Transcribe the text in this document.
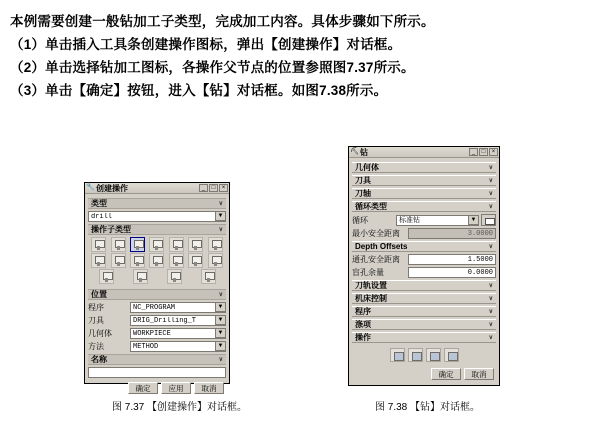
本例需要创建一般钻加工子类型，完成加工内容。具体步骤如下所示。

（1）单击插入工具条创建操作图标，弹出【创建操作】对话框。

（2）单击选择钻加工图标，各操作父节点的位置参照图7.37所示。

（3）单击【确定】按钮，进入【钻】对话框。如图7.38所示。

🔧 创建操作	_	□	×
类型	∨
drill	▼
操作子类型	∨
位置	∨
程序	NC_PROGRAM	▼
刀具	DRIG_Drilling_T	▼
几何体	WORKPIECE	▼
方法	METHOD	▼
名称	∨
确定	应用	取消
⛏ 钻	_	□	×
几何体	∨
刀具	∨
刀轴	∨
循环类型	∨
循环	标准钻	▼
最小安全距离	3.0000
Depth Offsets	∨
通孔安全距离	1.5000
盲孔余量	0.0000
刀轨设置	∨
机床控制	∨
程序	∨
涤项	∨
操作	∨
确定	取消
图 7.37 【创建操作】对话框。	图 7.38 【钻】对话框。
